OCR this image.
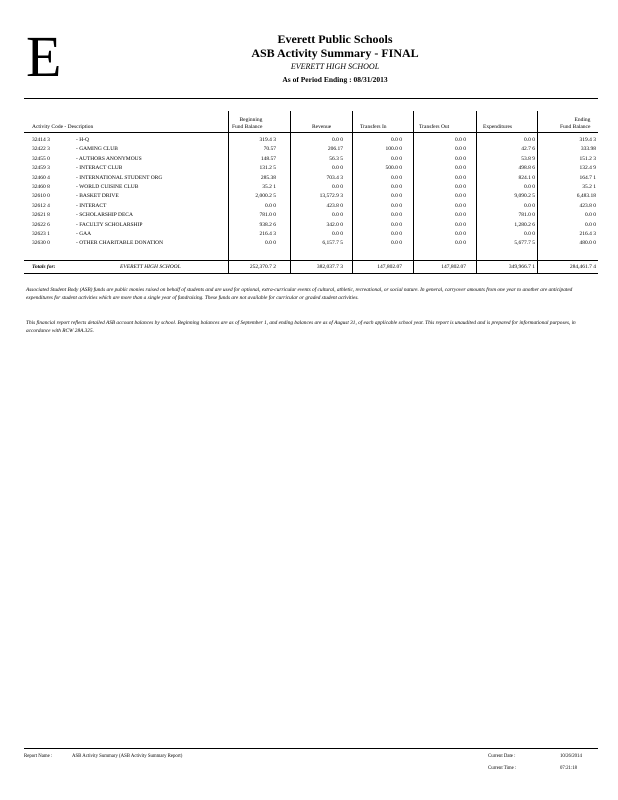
E	Everett Public Schools
ASB Activity Summary - FINAL
EVERETT HIGH SCHOOL
As of Period Ending : 08/31/2013
Activity Code - Description
Beginning
Fund Balance	Revenue	Transfers In	Transfers Out	Expenditures
Ending
Fund Balance
32414 3	- H-Q	319.4 3	0.0 0	0.0 0	0.0 0	0.0 0	319.4 3
32422 3	- GAMING CLUB	70.57	206.17	100.0 0	0.0 0	42.7 6	333.98
32455 0	- AUTHORS ANONYMOUS	148.57	56.3 5	0.0 0	0.0 0	53.8 9	151.2 3
32459 3	- INTERACT CLUB	131.2 5	0.0 0	500.0 0	0.0 0	498.8 6	132.4 9
32460 4	- INTERNATIONAL STUDENT ORG	285.38	703.4 3	0.0 0	0.0 0	824.1 0	164.7 1
32460 8	- WORLD CUISINE CLUB	35.2 1	0.0 0	0.0 0	0.0 0	0.0 0	35.2 1
32610 0	- BASKET DRIVE	2,000.2 5	13,572.9 3	0.0 0	0.0 0	9,090.2 5	6,483.18
32612 4	- INTERACT	0.0 0	423.8 0	0.0 0	0.0 0	0.0 0	423.8 0
32621 8	- SCHOLARSHIP DECA	781.0 0	0.0 0	0.0 0	0.0 0	781.0 0	0.0 0
32622 6	- FACULTY SCHOLARSHIP	938.2 6	342.0 0	0.0 0	0.0 0	1,280.2 6	0.0 0
32623 1	- GAA	216.4 3	0.0 0	0.0 0	0.0 0	0.0 0	216.4 3
32630 0	- OTHER CHARITABLE DONATION	0.0 0	6,157.7 5	0.0 0	0.0 0	5,677.7 5	480.0 0
Totals for:	EVERETT HIGH SCHOOL	252,370.7 2	382,037.7 3	147,802.07	147,802.07	349,966.7 1	284,461.7 4
Associated Student Body (ASB) funds are public monies raised on behalf of students and are used for optional, extra-curricular events of cultural, athletic, recreational, or social nature. In general, carryover amounts from one year to another are anticipated expenditures for student activities which are more than a single year of fundraising. These funds are not available for curricular or graded student activities.
This financial report reflects detailed ASB account balances by school. Beginning balances are as of September 1, and ending balances are as of August 31, of each applicable school year. This report is unaudited and is prepared for informational purposes, in accordance with RCW 28A.325.
Report Name :	ASB Activity Summary (ASB Activity Summary Report)	Current Date :	10/26/2014
Current Time :	07:21:18
